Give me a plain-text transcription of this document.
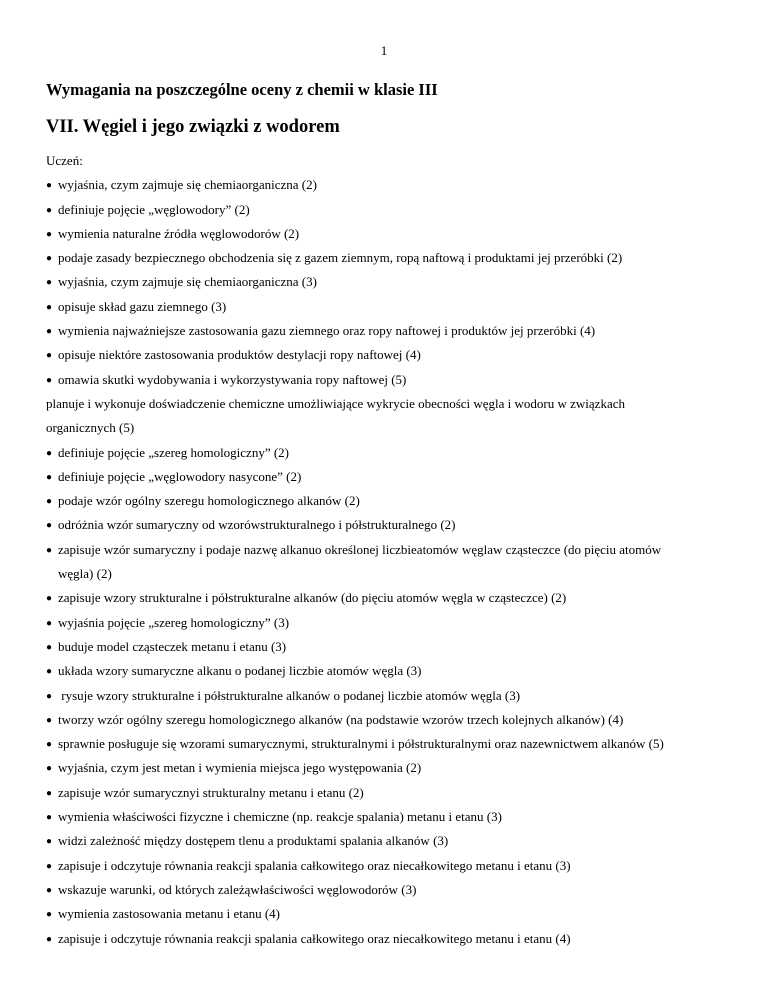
1
Wymagania na poszczególne oceny z chemii w klasie III
VII. Węgiel i jego związki z wodorem
Uczeń:
● wyjaśnia, czym zajmuje się chemiaorganiczna (2)
● definiuje pojęcie „węglowodory” (2)
● wymienia naturalne źródła węglowodorów (2)
● podaje zasady bezpiecznego obchodzenia się z gazem ziemnym, ropą naftową i produktami jej przeróbki (2)
● wyjaśnia, czym zajmuje się chemiaorganiczna (3)
● opisuje skład gazu ziemnego (3)
● wymienia najważniejsze zastosowania gazu ziemnego oraz ropy naftowej i produktów jej przeróbki (4)
● opisuje niektóre zastosowania produktów destylacji ropy naftowej (4)
● omawia skutki wydobywania i wykorzystywania ropy naftowej (5)
planuje i wykonuje doświadczenie chemiczne umożliwiające wykrycie obecności węgla i wodoru w związkach
organicznych (5)
● definiuje pojęcie „szereg homologiczny” (2)
● definiuje pojęcie „węglowodory nasycone” (2)
● podaje wzór ogólny szeregu homologicznego alkanów (2)
● odróżnia wzór sumaryczny od wzorówstrukturalnego i półstrukturalnego (2)
● zapisuje wzór sumaryczny i podaje nazwę alkanuo określonej liczbieatomów węglaw cząsteczce (do pięciu atomów
węgla) (2)
● zapisuje wzory strukturalne i półstrukturalne alkanów (do pięciu atomów węgla w cząsteczce) (2)
● wyjaśnia pojęcie „szereg homologiczny” (3)
● buduje model cząsteczek metanu i etanu (3)
● układa wzory sumaryczne alkanu o podanej liczbie atomów węgla (3)
● rysuje wzory strukturalne i półstrukturalne alkanów o podanej liczbie atomów węgla (3)
● tworzy wzór ogólny szeregu homologicznego alkanów (na podstawie wzorów trzech kolejnych alkanów) (4)
● sprawnie posługuje się wzorami sumarycznymi, strukturalnymi i półstrukturalnymi oraz nazewnictwem alkanów (5)
● wyjaśnia, czym jest metan i wymienia miejsca jego występowania (2)
● zapisuje wzór sumarycznyi strukturalny metanu i etanu (2)
● wymienia właściwości fizyczne i chemiczne (np. reakcje spalania) metanu i etanu (3)
● widzi zależność między dostępem tlenu a produktami spalania alkanów (3)
● zapisuje i odczytuje równania reakcji spalania całkowitego oraz niecałkowitego metanu i etanu (3)
● wskazuje warunki, od których zależąwłaściwości węglowodorów (3)
● wymienia zastosowania metanu i etanu (4)
● zapisuje i odczytuje równania reakcji spalania całkowitego oraz niecałkowitego metanu i etanu (4)
